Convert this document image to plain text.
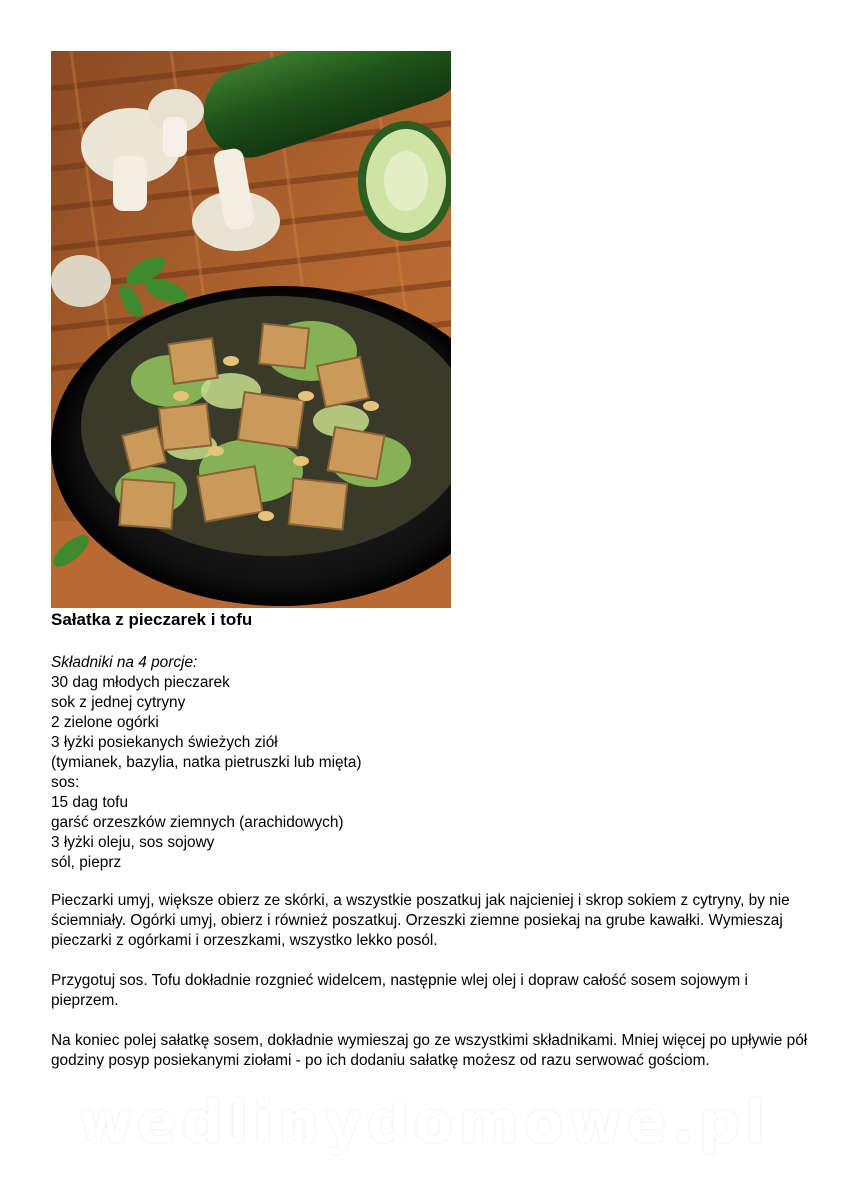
Sałatka z pieczarek i tofu
Składniki na 4 porcje:
30 dag młodych pieczarek
sok z jednej cytryny
2 zielone ogórki
3 łyżki posiekanych świeżych ziół
(tymianek, bazylia, natka pietruszki lub mięta)
sos:
15 dag tofu
garść orzeszków ziemnych (arachidowych)
3 łyżki oleju, sos sojowy
sól, pieprz

Pieczarki umyj, większe obierz ze skórki, a wszystkie poszatkuj jak najcieniej i skrop sokiem z cytryny, by nie ściemniały. Ogórki umyj, obierz i również poszatkuj. Orzeszki ziemne posiekaj na grube kawałki. Wymieszaj pieczarki z ogórkami i orzeszkami, wszystko lekko posól.

Przygotuj sos. Tofu dokładnie rozgnieć widelcem, następnie wlej olej i dopraw całość sosem sojowym i pieprzem.

Na koniec polej sałatkę sosem, dokładnie wymieszaj go ze wszystkimi składnikami. Mniej więcej po upływie pół godziny posyp posiekanymi ziołami - po ich dodaniu sałatkę możesz od razu serwować gościom.

wedlinydomowe.pl
